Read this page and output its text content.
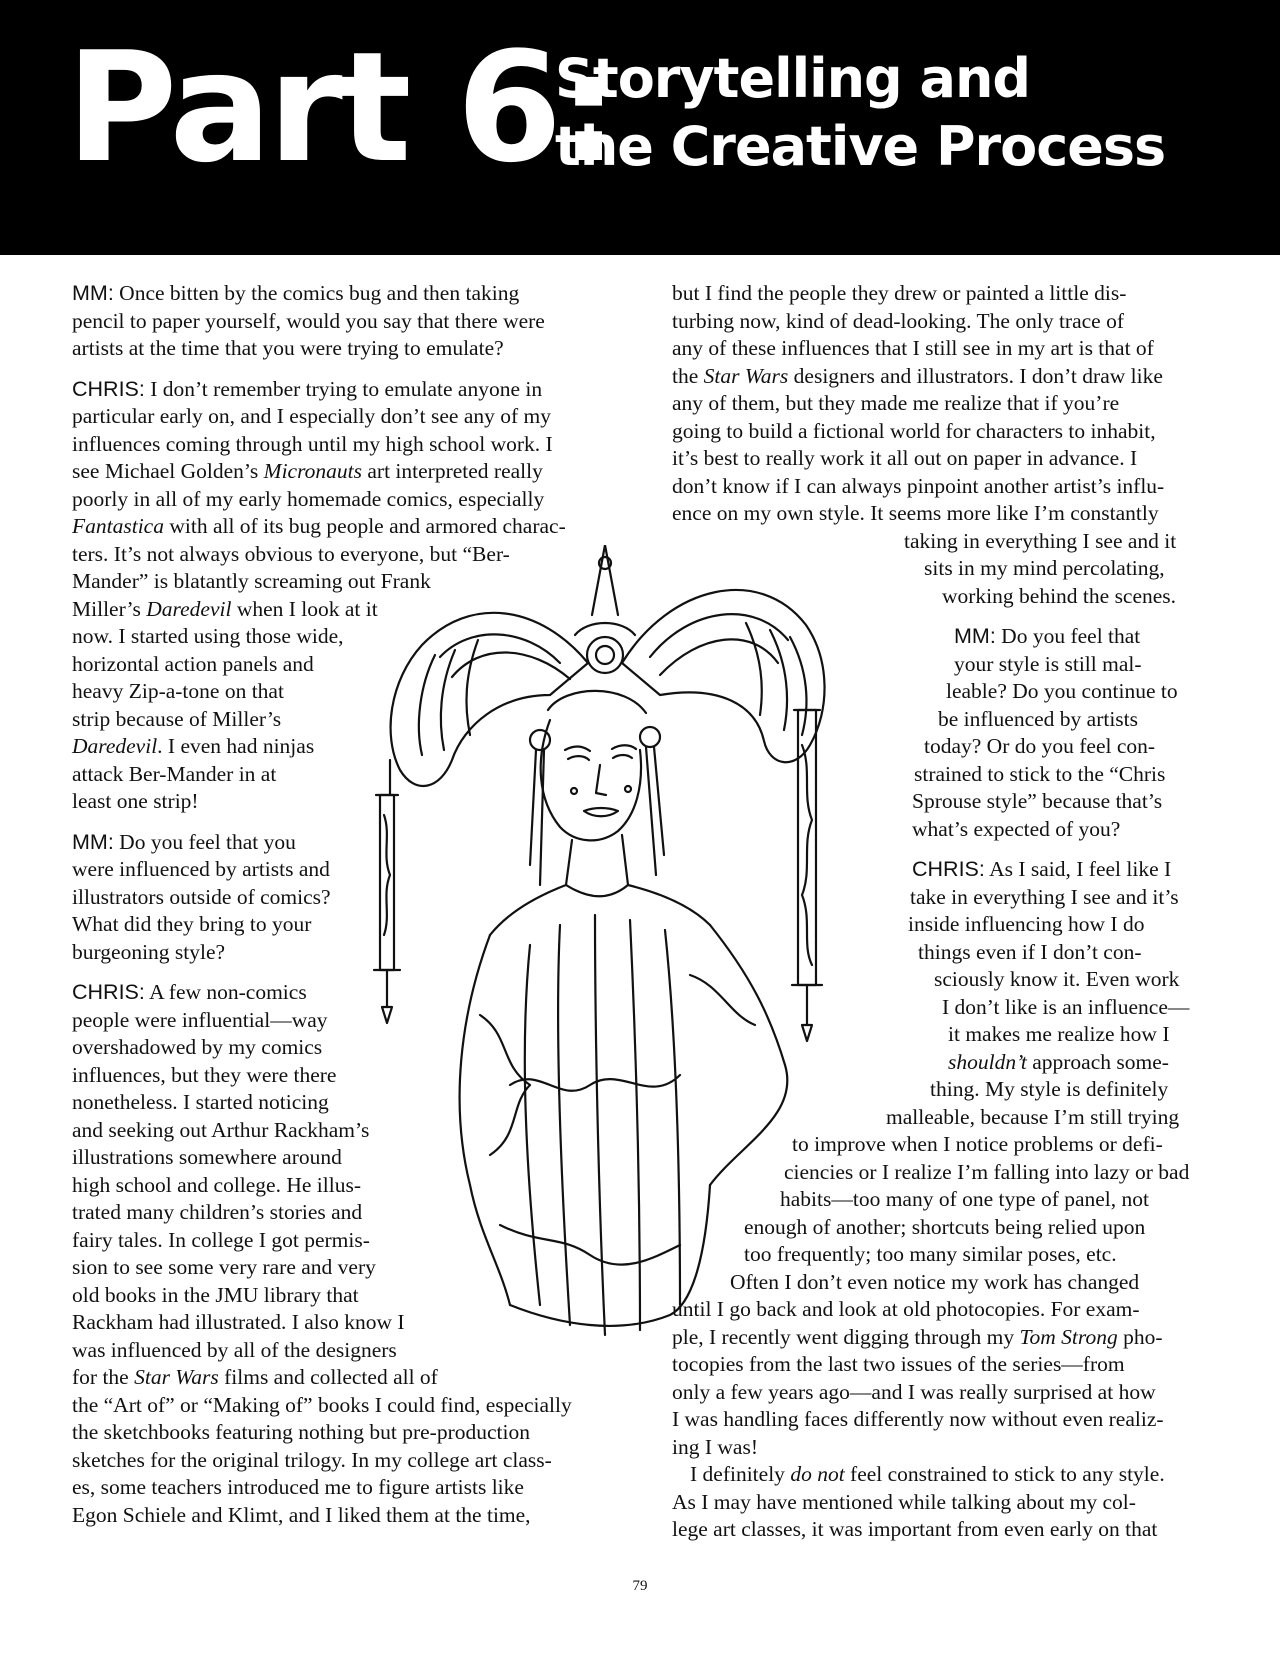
Part 6:
Storytelling and
the Creative Process
MM: Once bitten by the comics bug and then taking
pencil to paper yourself, would you say that there were
artists at the time that you were trying to emulate?
CHRIS: I don’t remember trying to emulate anyone in
particular early on, and I especially don’t see any of my
influences coming through until my high school work. I
see Michael Golden’s Micronauts art interpreted really
poorly in all of my early homemade comics, especially
Fantastica with all of its bug people and armored charac-
ters. It’s not always obvious to everyone, but “Ber-
Mander” is blatantly screaming out Frank
Miller’s Daredevil when I look at it
now. I started using those wide,
horizontal action panels and
heavy Zip-a-tone on that
strip because of Miller’s
Daredevil. I even had ninjas
attack Ber-Mander in at
least one strip!
MM: Do you feel that you
were influenced by artists and
illustrators outside of comics?
What did they bring to your
burgeoning style?
CHRIS: A few non-comics
people were influential—way
overshadowed by my comics
influences, but they were there
nonetheless. I started noticing
and seeking out Arthur Rackham’s
illustrations somewhere around
high school and college. He illus-
trated many children’s stories and
fairy tales. In college I got permis-
sion to see some very rare and very
old books in the JMU library that
Rackham had illustrated. I also know I
was influenced by all of the designers
for the Star Wars films and collected all of
the “Art of” or “Making of” books I could find, especially
the sketchbooks featuring nothing but pre-production
sketches for the original trilogy. In my college art class-
es, some teachers introduced me to figure artists like
Egon Schiele and Klimt, and I liked them at the time,
but I find the people they drew or painted a little dis-
turbing now, kind of dead-looking. The only trace of
any of these influences that I still see in my art is that of
the Star Wars designers and illustrators. I don’t draw like
any of them, but they made me realize that if you’re
going to build a fictional world for characters to inhabit,
it’s best to really work it all out on paper in advance. I
don’t know if I can always pinpoint another artist’s influ-
ence on my own style. It seems more like I’m constantly
taking in everything I see and it
sits in my mind percolating,
working behind the scenes.
MM: Do you feel that
your style is still mal-
leable? Do you continue to
be influenced by artists
today? Or do you feel con-
strained to stick to the “Chris
Sprouse style” because that’s
what’s expected of you?
CHRIS: As I said, I feel like I
take in everything I see and it’s
inside influencing how I do
things even if I don’t con-
sciously know it. Even work
I don’t like is an influence—
it makes me realize how I
shouldn’t approach some-
thing. My style is definitely
malleable, because I’m still trying
to improve when I notice problems or defi-
ciencies or I realize I’m falling into lazy or bad
habits—too many of one type of panel, not
enough of another; shortcuts being relied upon
too frequently; too many similar poses, etc.
Often I don’t even notice my work has changed
until I go back and look at old photocopies. For exam-
ple, I recently went digging through my Tom Strong pho-
tocopies from the last two issues of the series—from
only a few years ago—and I was really surprised at how
I was handling faces differently now without even realiz-
ing I was!
I definitely do not feel constrained to stick to any style.
As I may have mentioned while talking about my col-
lege art classes, it was important from even early on that
79
